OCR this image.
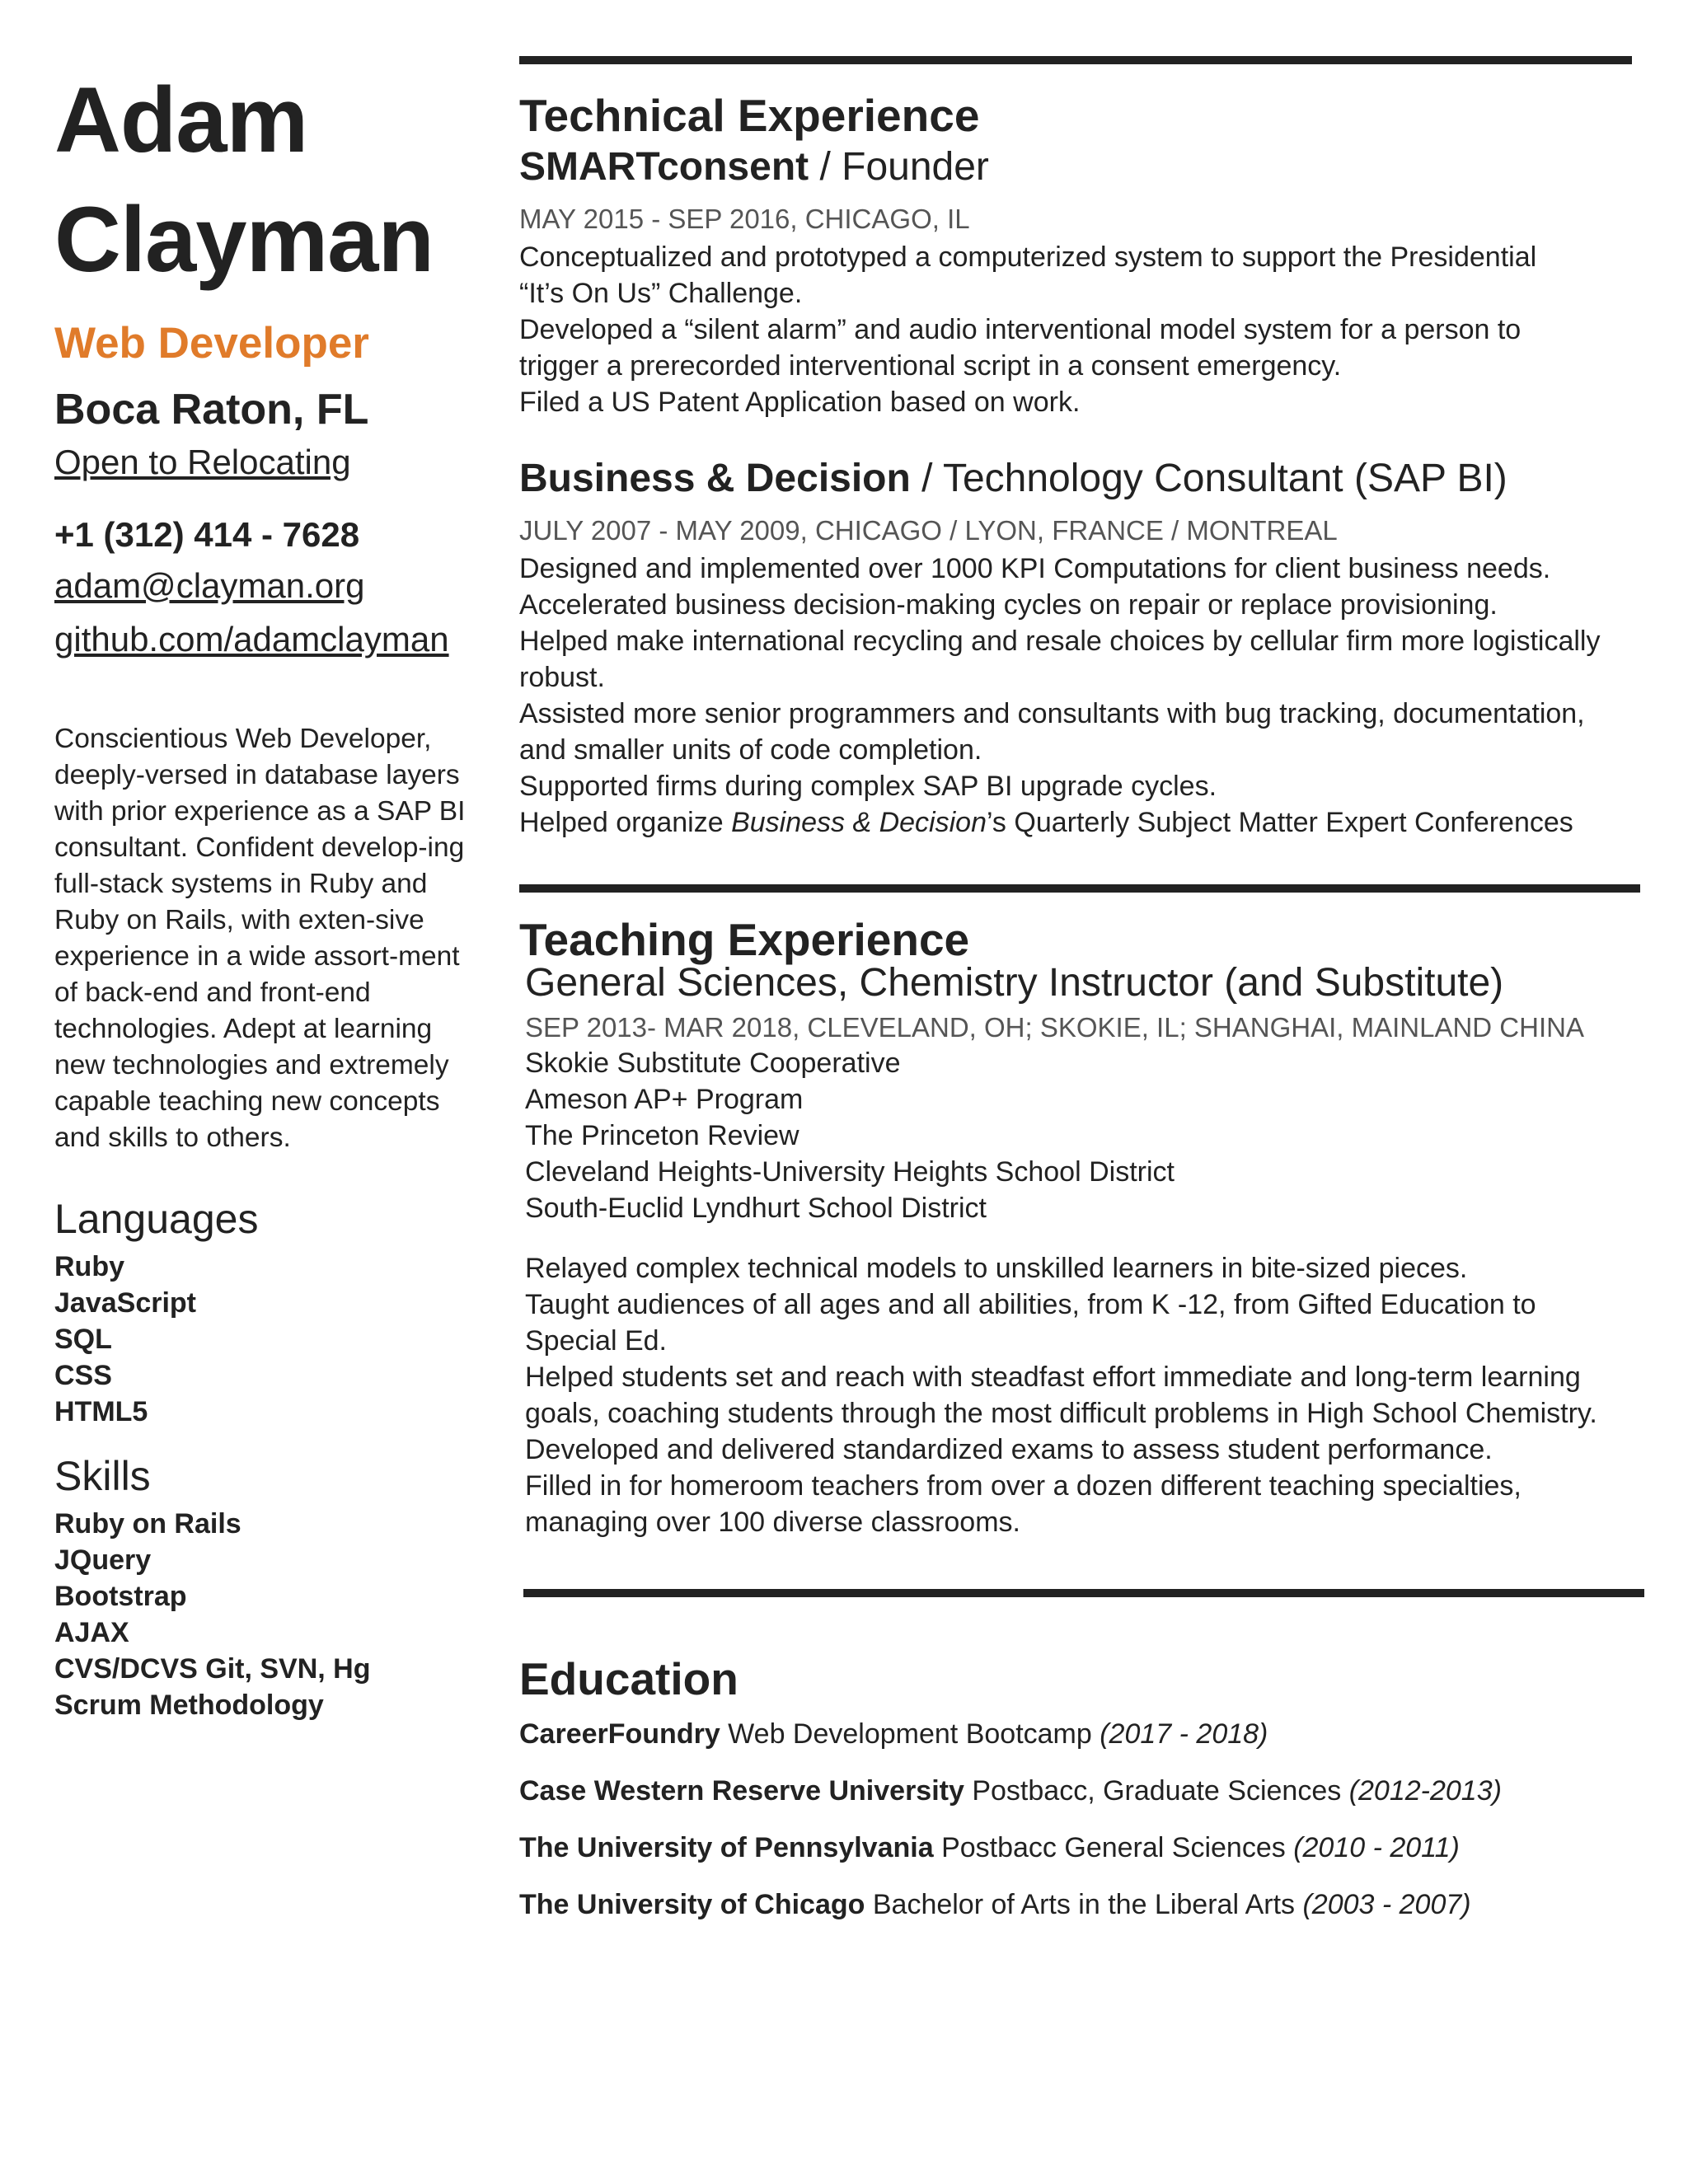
Adam
Clayman
Web Developer
Boca Raton, FL
Open to Relocating
+1 (312) 414 - 7628
adam@clayman.org
github.com/adamclayman

Conscientious Web Developer, deeply-versed in database layers with prior experience as a SAP BI consultant. Confident develop-ing full-stack systems in Ruby and Ruby on Rails, with exten-sive experience in a wide assort-ment of back-end and front-end technologies. Adept at learning new technologies and extremely capable teaching new concepts and skills to others.

Languages
Ruby
JavaScript
SQL
CSS
HTML5
Skills
Ruby on Rails
JQuery
Bootstrap
AJAX
CVS/DCVS Git, SVN, Hg
Scrum Methodology
Technical Experience
SMARTconsent / Founder
MAY 2015 - SEP 2016, CHICAGO, IL
Conceptualized and prototyped a computerized system to support the Presidential
“It’s On Us” Challenge.
Developed a “silent alarm” and audio interventional model system for a person to
trigger a prerecorded interventional script in a consent emergency.
Filed a US Patent Application based on work.
Business & Decision / Technology Consultant (SAP BI)
JULY 2007 - MAY 2009, CHICAGO / LYON, FRANCE / MONTREAL
Designed and implemented over 1000 KPI Computations for client business needs.
Accelerated business decision-making cycles on repair or replace provisioning.
Helped make international recycling and resale choices by cellular firm more logistically
robust.
Assisted more senior programmers and consultants with bug tracking, documentation,
and smaller units of code completion.
Supported firms during complex SAP BI upgrade cycles.
Helped organize Business & Decision’s Quarterly Subject Matter Expert Conferences
Teaching Experience
General Sciences, Chemistry Instructor (and Substitute)
SEP 2013- MAR 2018, CLEVELAND, OH; SKOKIE, IL; SHANGHAI, MAINLAND CHINA
Skokie Substitute Cooperative
Ameson AP+ Program
The Princeton Review
Cleveland Heights-University Heights School District
South-Euclid Lyndhurt School District
Relayed complex technical models to unskilled learners in bite-sized pieces.
Taught audiences of all ages and all abilities, from K -12, from Gifted Education to
Special Ed.
Helped students set and reach with steadfast effort immediate and long-term learning
goals, coaching students through the most difficult problems in High School Chemistry.
Developed and delivered standardized exams to assess student performance.
Filled in for homeroom teachers from over a dozen different teaching specialties,
managing over 100 diverse classrooms.
Education
CareerFoundry Web Development Bootcamp (2017 - 2018)
Case Western Reserve University Postbacc, Graduate Sciences (2012-2013)
The University of Pennsylvania Postbacc General Sciences (2010 - 2011)
The University of Chicago Bachelor of Arts in the Liberal Arts (2003 - 2007)
